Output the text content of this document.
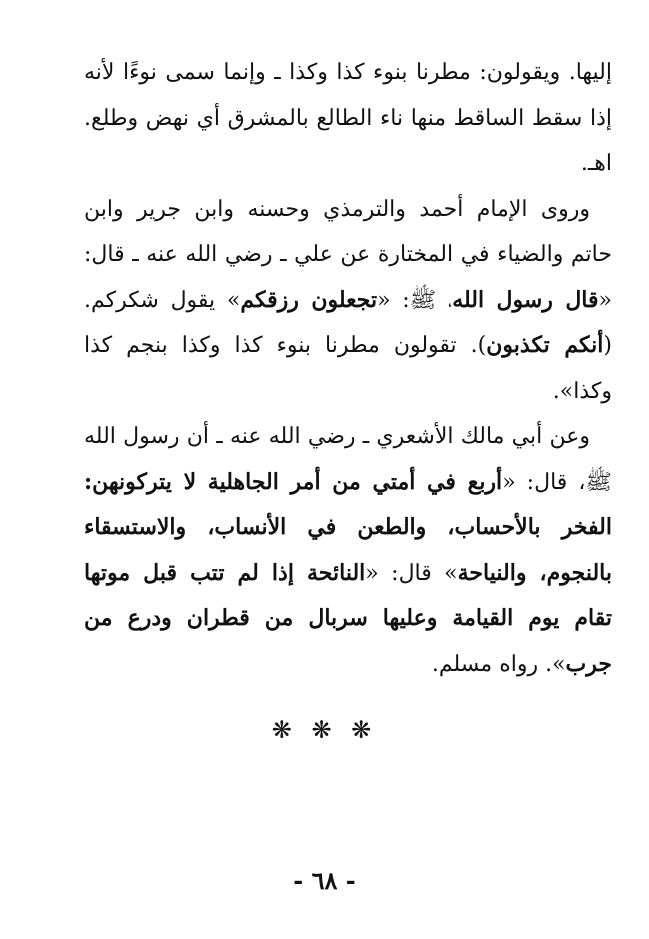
إليها. ويقولون: مطرنا بنوء كذا وكذا ـ وإنما سمى نوءًا لأنه إذا سقط الساقط منها ناء الطالع بالمشرق أي نهض وطلع. اهـ.

وروى الإمام أحمد والترمذي وحسنه وابن جرير وابن حاتم والضياء في المختارة عن علي ـ رضي الله عنه ـ قال: «قال رسول الله، ﷺ: «تجعلون رزقكم» يقول شكركم. (أنكم تكذبون). تقولون مطرنا بنوء كذا وكذا بنجم كذا وكذا».

وعن أبي مالك الأشعري ـ رضي الله عنه ـ أن رسول الله ﷺ، قال: «أربع في أمتي من أمر الجاهلية لا يتركونهن: الفخر بالأحساب، والطعن في الأنساب، والاستسقاء بالنجوم، والنياحة» قال: «النائحة إذا لم تتب قبل موتها تقام يوم القيامة وعليها سربال من قطران ودرع من جرب». رواه مسلم.

❋ ❋ ❋
- ٦٨ -
